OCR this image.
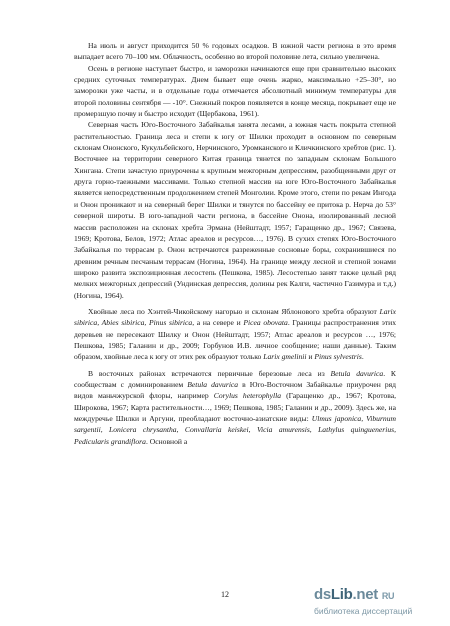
На июль и август приходится 50 % годовых осадков. В южной части региона в это время выпадает всего 70–100 мм. Облачность, особенно во второй половине лета, сильно увеличена.

Осень в регионе наступает быстро, и заморозки начинаются еще при сравнительно высоких средних суточных температурах. Днем бывает еще очень жарко, максимально +25–30°, но заморозки уже часты, и в отдельные годы отмечается абсолютный минимум температуры для второй половины сентября — -10°. Снежный покров появляется в конце месяца, покрывает еще не промерзшую почву и быстро исходит (Щербакова, 1961).

Северная часть Юго-Восточного Забайкалья занята лесами, а южная часть покрыта степной растительностью. Граница леса и степи к югу от Шилки проходит в основном по северным склонам Ононского, Кукульбейского, Нерчинского, Уромканского и Кличкинского хребтов (рис. 1). Восточнее на территории северного Китая граница тянется по западным склонам Большого Хингана. Степи зачастую приурочены к крупным межгорным депрессиям, разобщенными друг от друга горно-таежными массивами. Только степной массив на юге Юго-Восточного Забайкалья является непосредственным продолжением степей Монголии. Кроме этого, степи по рекам Ингода и Онон проникают и на северный берег Шилки и тянутся по бассейну ее притока р. Нерча до 53° северной широты. В юго-западной части региона, в бассейне Онона, изолированный лесной массив расположен на склонах хребта Эрмана (Нейштадт, 1957; Гаращенко др., 1967; Связева, 1969; Кротова, Белов, 1972; Атлас ареалов и ресурсов…, 1976). В сухих степях Юго-Восточного Забайкалья по террасам р. Онон встречаются разреженные сосновые боры, сохранившиеся по древним речным песчаным террасам (Ногина, 1964). На границе между лесной и степной зонами широко развита экспозиционная лесостепь (Пешкова, 1985). Лесостепью занят также целый ряд мелких межгорных депрессий (Ундинская депрессия, долины рек Калги, частично Газимура и т.д.) (Ногина, 1964).

Хвойные леса по Хэнтей-Чикойскому нагорью и склонам Яблонового хребта образуют Larix sibirica, Abies sibirica, Pinus sibirica, а на севере и Picea obovata. Границы распространения этих деревьев не пересекают Шилку и Онон (Нейштадт, 1957; Атлас ареалов и ресурсов …, 1976; Пешкова, 1985; Галанин и др., 2009; Горбунов И.В. личное сообщение; наши данные). Таким образом, хвойные леса к югу от этих рек образуют только Larix gmelinii и Pinus sylvestris.

В восточных районах встречаются первичные березовые леса из Betula davurica. К сообществам с доминированием Betula davurica в Юго-Восточном Забайкалье приурочен ряд видов маньчжурской флоры, например Corylus heterophylla (Гаращенко др., 1967; Кротова, Широкова, 1967; Карта растительности…, 1969; Пешкова, 1985; Галанин и др., 2009). Здесь же, на междуречье Шилки и Аргуни, преобладают восточно-азиатские виды: Ulmus japonica, Viburnum sargentii, Lonicera chrysantha, Convallaria keiskei, Vicia amurensis, Lathylus quinguenerius, Pedicularis grandiflora. Основной а

12	dsLib.net RU
библиотека диссертаций
